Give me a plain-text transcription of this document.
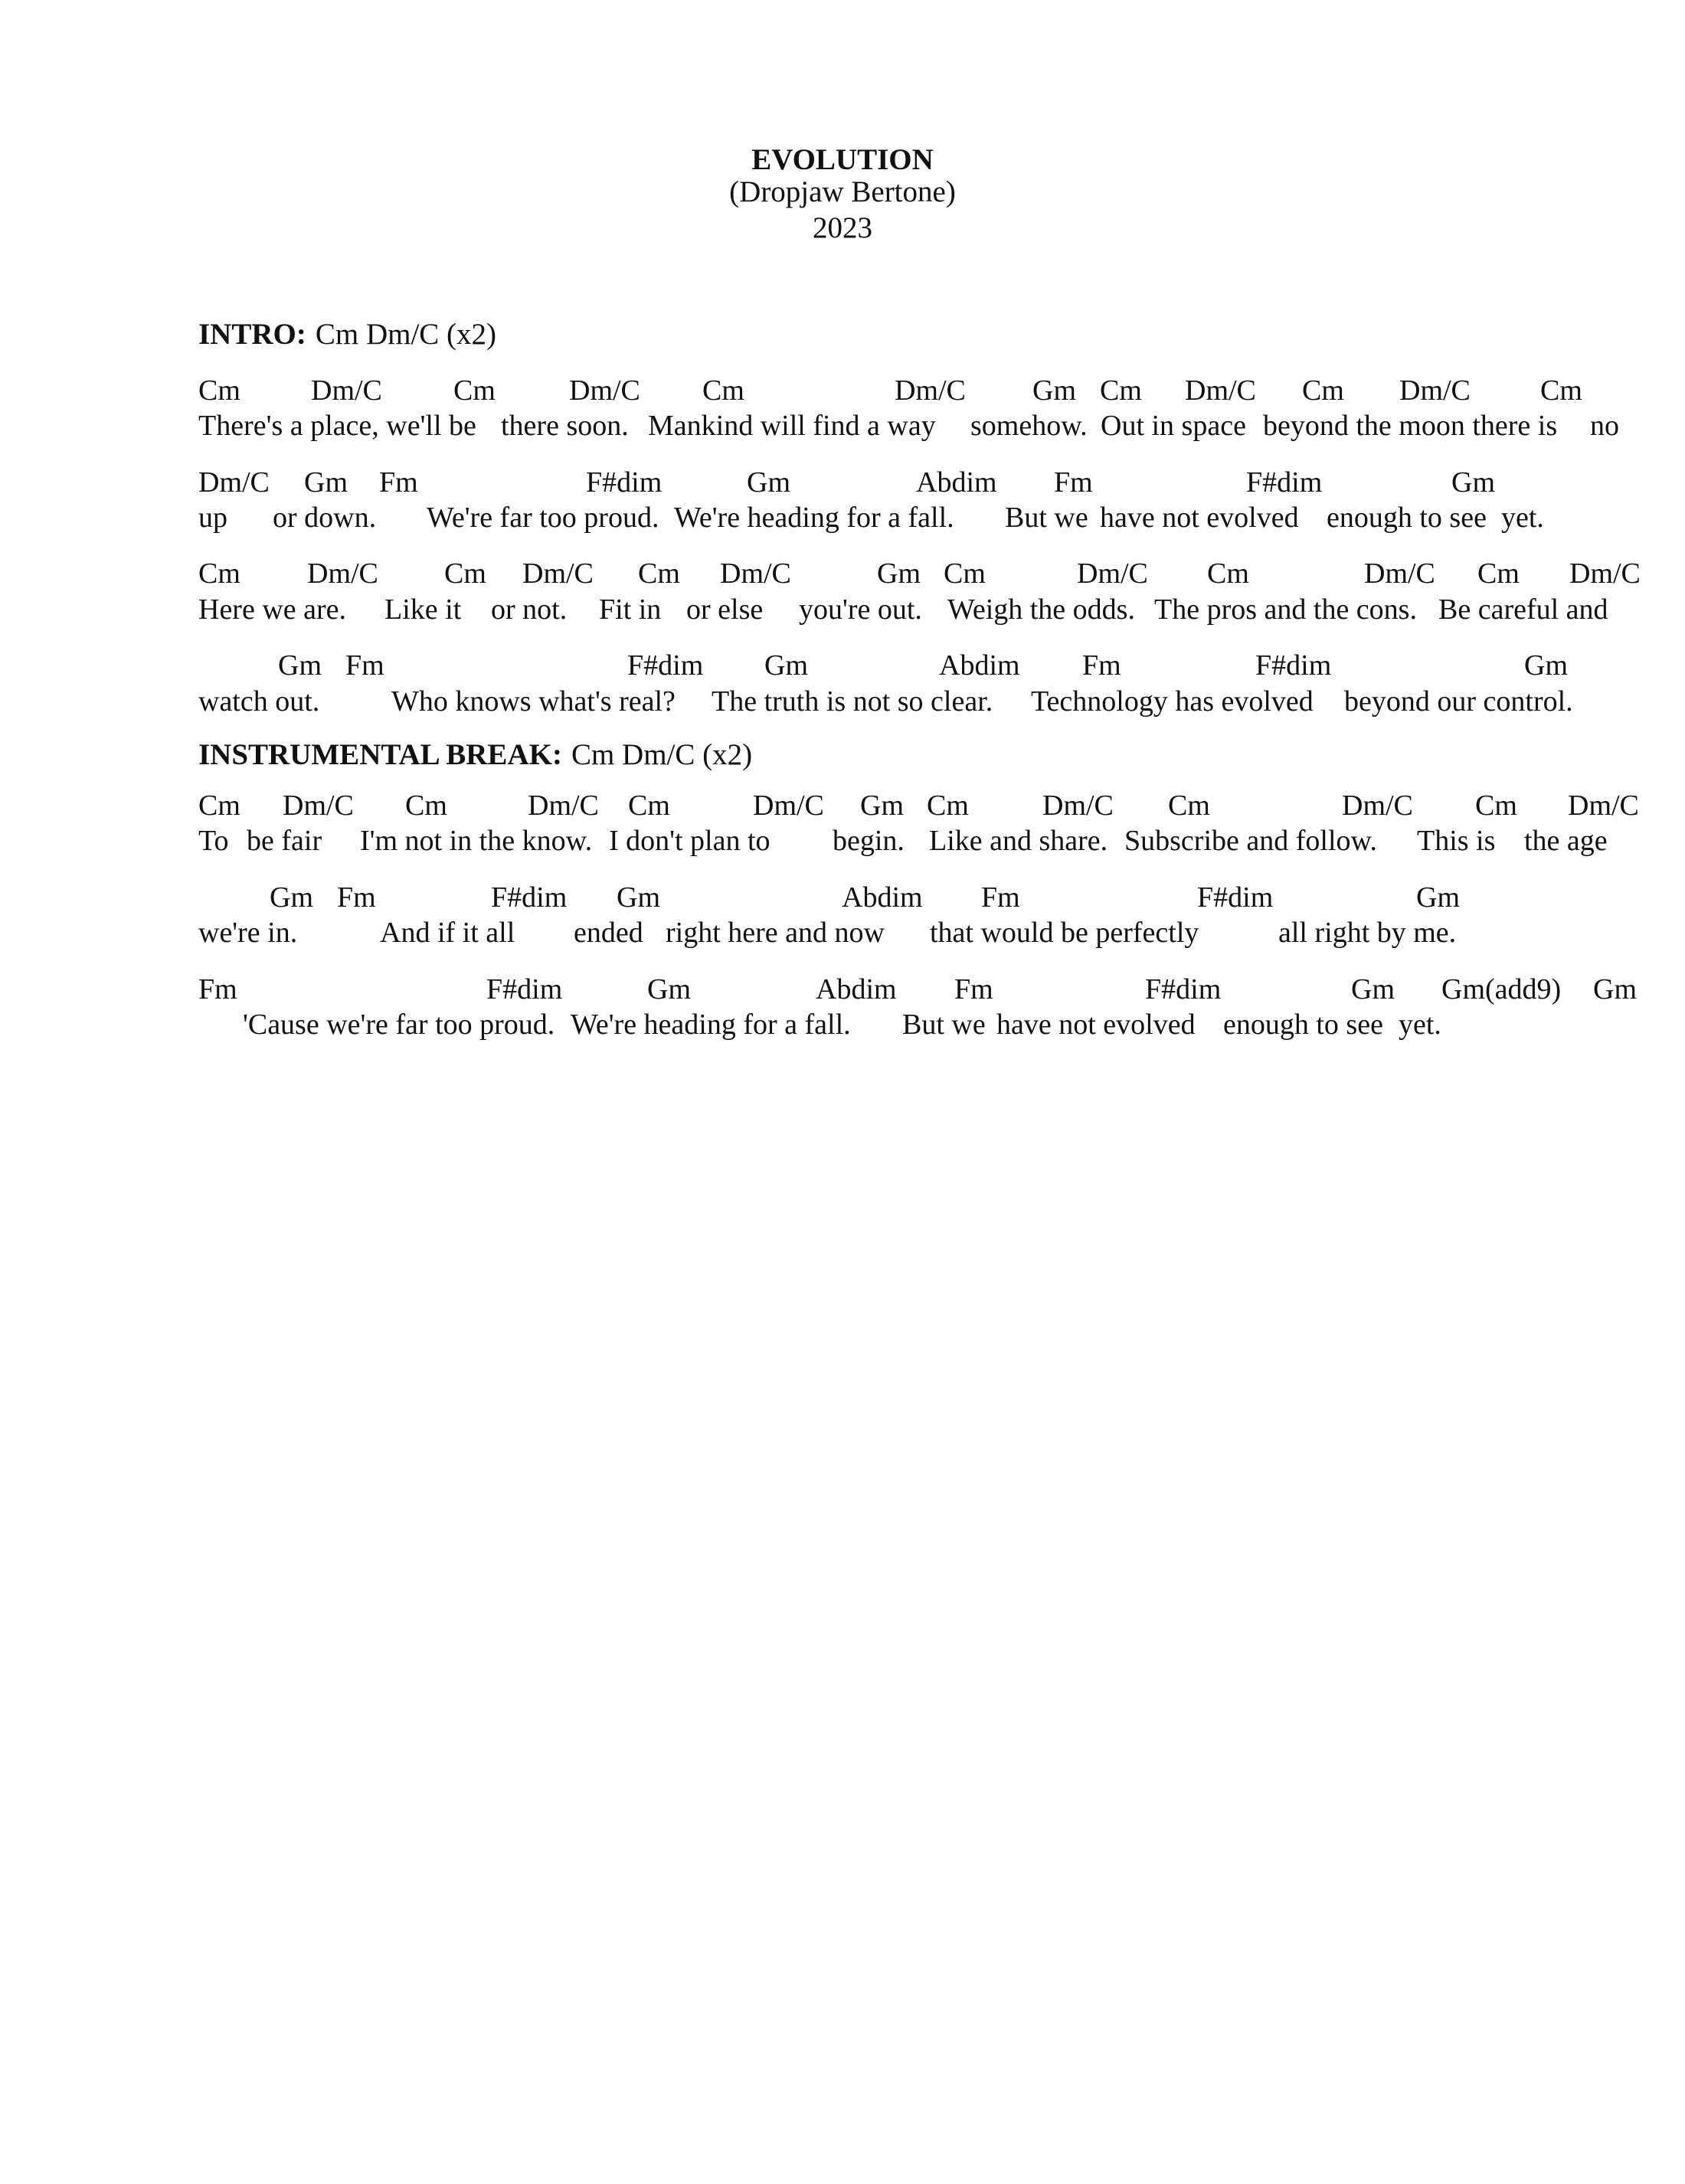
EVOLUTION
(Dropjaw Bertone)
2023
INTRO: Cm Dm/C (x2)
Cm Dm/C Cm	Dm/C Cm	Dm/C Gm Cm Dm/C Cm Dm/C Cm
There's a place, we'll be there soon. Mankind will find a way somehow. Out in space beyond the moon there is no
Dm/C Gm Fm	F#dim	Gm	Abdim Fm	F#dim	Gm
up or down. We're far too proud. We're heading for a fall. But we have not evolved enough to see yet.
Cm Dm/C Cm Dm/C Cm Dm/C	Gm Cm	Dm/C Cm	Dm/C Cm Dm/C
Here we are. Like it or not. Fit in or else you're out. Weigh the odds. The pros and the cons. Be careful and
Gm Fm	F#dim Gm	Abdim Fm	F#dim	Gm
watch out. Who knows what's real? The truth is not so clear. Technology has evolved beyond our control.
INSTRUMENTAL BREAK: Cm Dm/C (x2)
Cm Dm/C Cm	Dm/C Cm	Dm/C Gm Cm	Dm/C Cm	Dm/C Cm Dm/C
To be fair I'm not in the know. I don't plan to begin. Like and share. Subscribe and follow. This is the age
Gm Fm	F#dim Gm	Abdim Fm	F#dim	Gm
we're in.	And if it all ended right here and now that would be perfectly	all right by me.
Fm	F#dim	Gm	Abdim Fm	F#dim	Gm Gm(add9) Gm
'Cause we're far too proud. We're heading for a fall. But we have not evolved enough to see yet.
